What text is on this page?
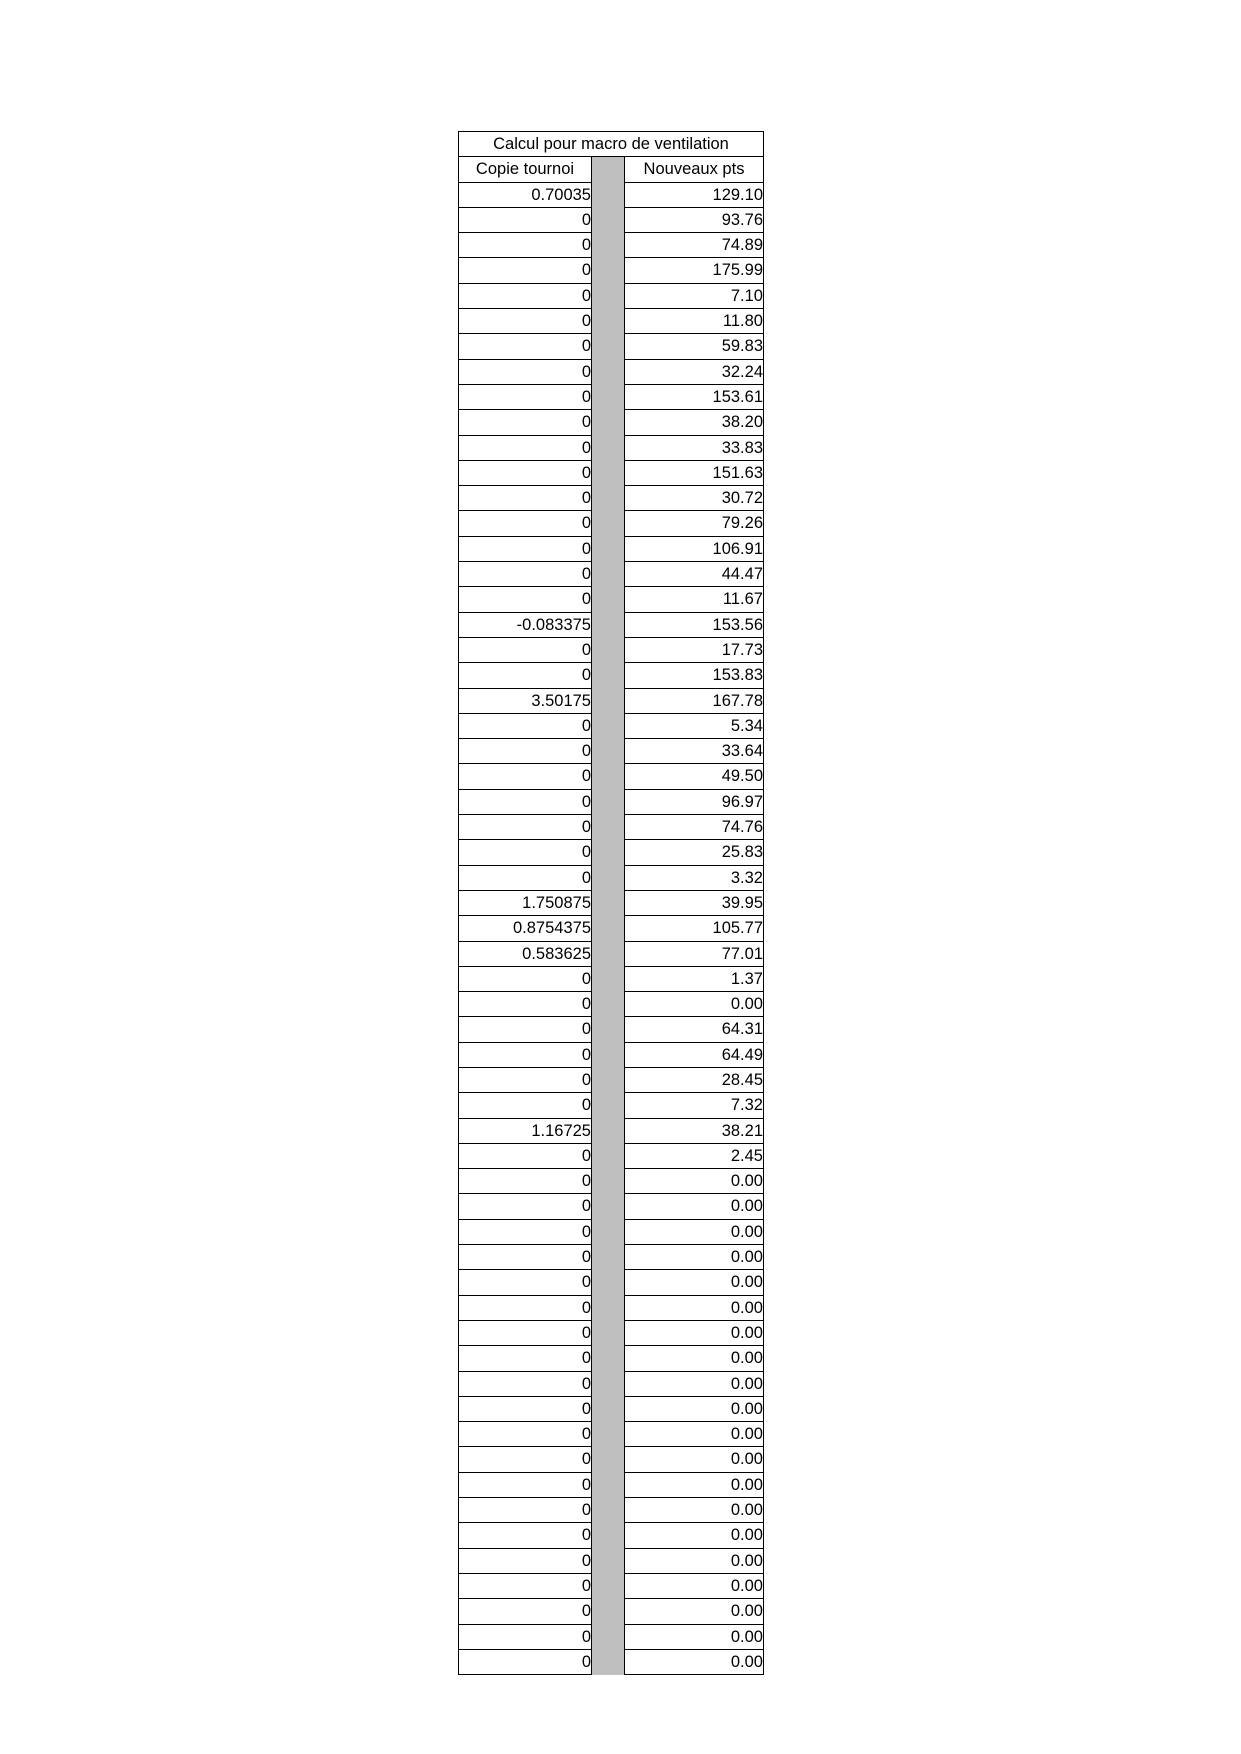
Calcul pour macro de ventilation		
Copie tournoi		Nouveaux pts
0.70035		129.10
0		93.76
0		74.89
0		175.99
0		7.10
0		11.80
0		59.83
0		32.24
0		153.61
0		38.20
0		33.83
0		151.63
0		30.72
0		79.26
0		106.91
0		44.47
0		11.67
-0.083375		153.56
0		17.73
0		153.83
3.50175		167.78
0		5.34
0		33.64
0		49.50
0		96.97
0		74.76
0		25.83
0		3.32
1.750875		39.95
0.8754375		105.77
0.583625		77.01
0		1.37
0		0.00
0		64.31
0		64.49
0		28.45
0		7.32
1.16725		38.21
0		2.45
0		0.00
0		0.00
0		0.00
0		0.00
0		0.00
0		0.00
0		0.00
0		0.00
0		0.00
0		0.00
0		0.00
0		0.00
0		0.00
0		0.00
0		0.00
0		0.00
0		0.00
0		0.00
0		0.00
0		0.00
